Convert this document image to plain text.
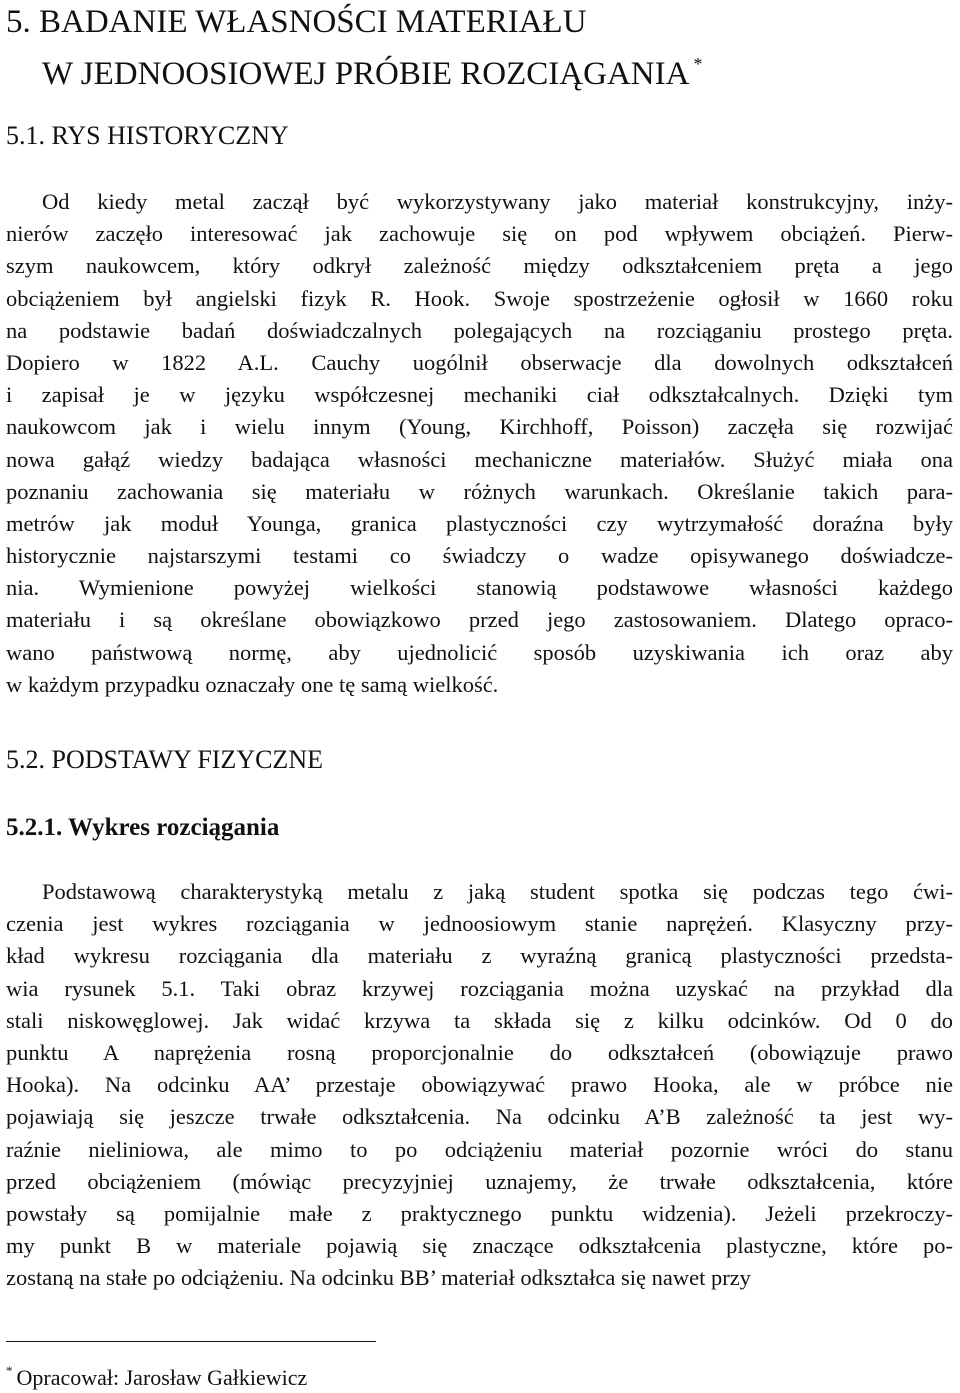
5. BADANIE WŁASNOŚCI MATERIAŁU
W JEDNOOSIOWEJ PRÓBIE ROZCIĄGANIA *
5.1. RYS HISTORYCZNY
Od kiedy metal zaczął być wykorzystywany jako materiał konstrukcyjny, inży-
nierów zaczęło interesować jak zachowuje się on pod wpływem obciążeń. Pierw-
szym naukowcem, który odkrył zależność między odkształceniem pręta a jego
obciążeniem był angielski fizyk R. Hook. Swoje spostrzeżenie ogłosił w 1660 roku
na podstawie badań doświadczalnych polegających na rozciąganiu prostego pręta.
Dopiero w 1822 A.L. Cauchy uogólnił obserwacje dla dowolnych odkształceń
i zapisał je w języku współczesnej mechaniki ciał odkształcalnych. Dzięki tym
naukowcom jak i wielu innym (Young, Kirchhoff, Poisson) zaczęła się rozwijać
nowa gałąź wiedzy badająca własności mechaniczne materiałów. Służyć miała ona
poznaniu zachowania się materiału w różnych warunkach. Określanie takich para-
metrów jak moduł Younga, granica plastyczności czy wytrzymałość doraźna były
historycznie najstarszymi testami co świadczy o wadze opisywanego doświadcze-
nia. Wymienione powyżej wielkości stanowią podstawowe własności każdego
materiału i są określane obowiązkowo przed jego zastosowaniem. Dlatego opraco-
wano państwową normę, aby ujednolicić sposób uzyskiwania ich oraz aby
w każdym przypadku oznaczały one tę samą wielkość.
5.2. PODSTAWY FIZYCZNE
5.2.1. Wykres rozciągania
Podstawową charakterystyką metalu z jaką student spotka się podczas tego ćwi-
czenia jest wykres rozciągania w jednoosiowym stanie naprężeń. Klasyczny przy-
kład wykresu rozciągania dla materiału z wyraźną granicą plastyczności przedsta-
wia rysunek 5.1. Taki obraz krzywej rozciągania można uzyskać na przykład dla
stali niskowęglowej. Jak widać krzywa ta składa się z kilku odcinków. Od 0 do
punktu A naprężenia rosną proporcjonalnie do odkształceń (obowiązuje prawo
Hooka). Na odcinku AA’ przestaje obowiązywać prawo Hooka, ale w próbce nie
pojawiają się jeszcze trwałe odkształcenia. Na odcinku A’B zależność ta jest wy-
raźnie nieliniowa, ale mimo to po odciążeniu materiał pozornie wróci do stanu
przed obciążeniem (mówiąc precyzyjniej uznajemy, że trwałe odkształcenia, które
powstały są pomijalnie małe z praktycznego punktu widzenia). Jeżeli przekroczy-
my punkt B w materiale pojawią się znaczące odkształcenia plastyczne, które po-
zostaną na stałe po odciążeniu. Na odcinku BB’ materiał odkształca się nawet przy
* Opracował: Jarosław Gałkiewicz
